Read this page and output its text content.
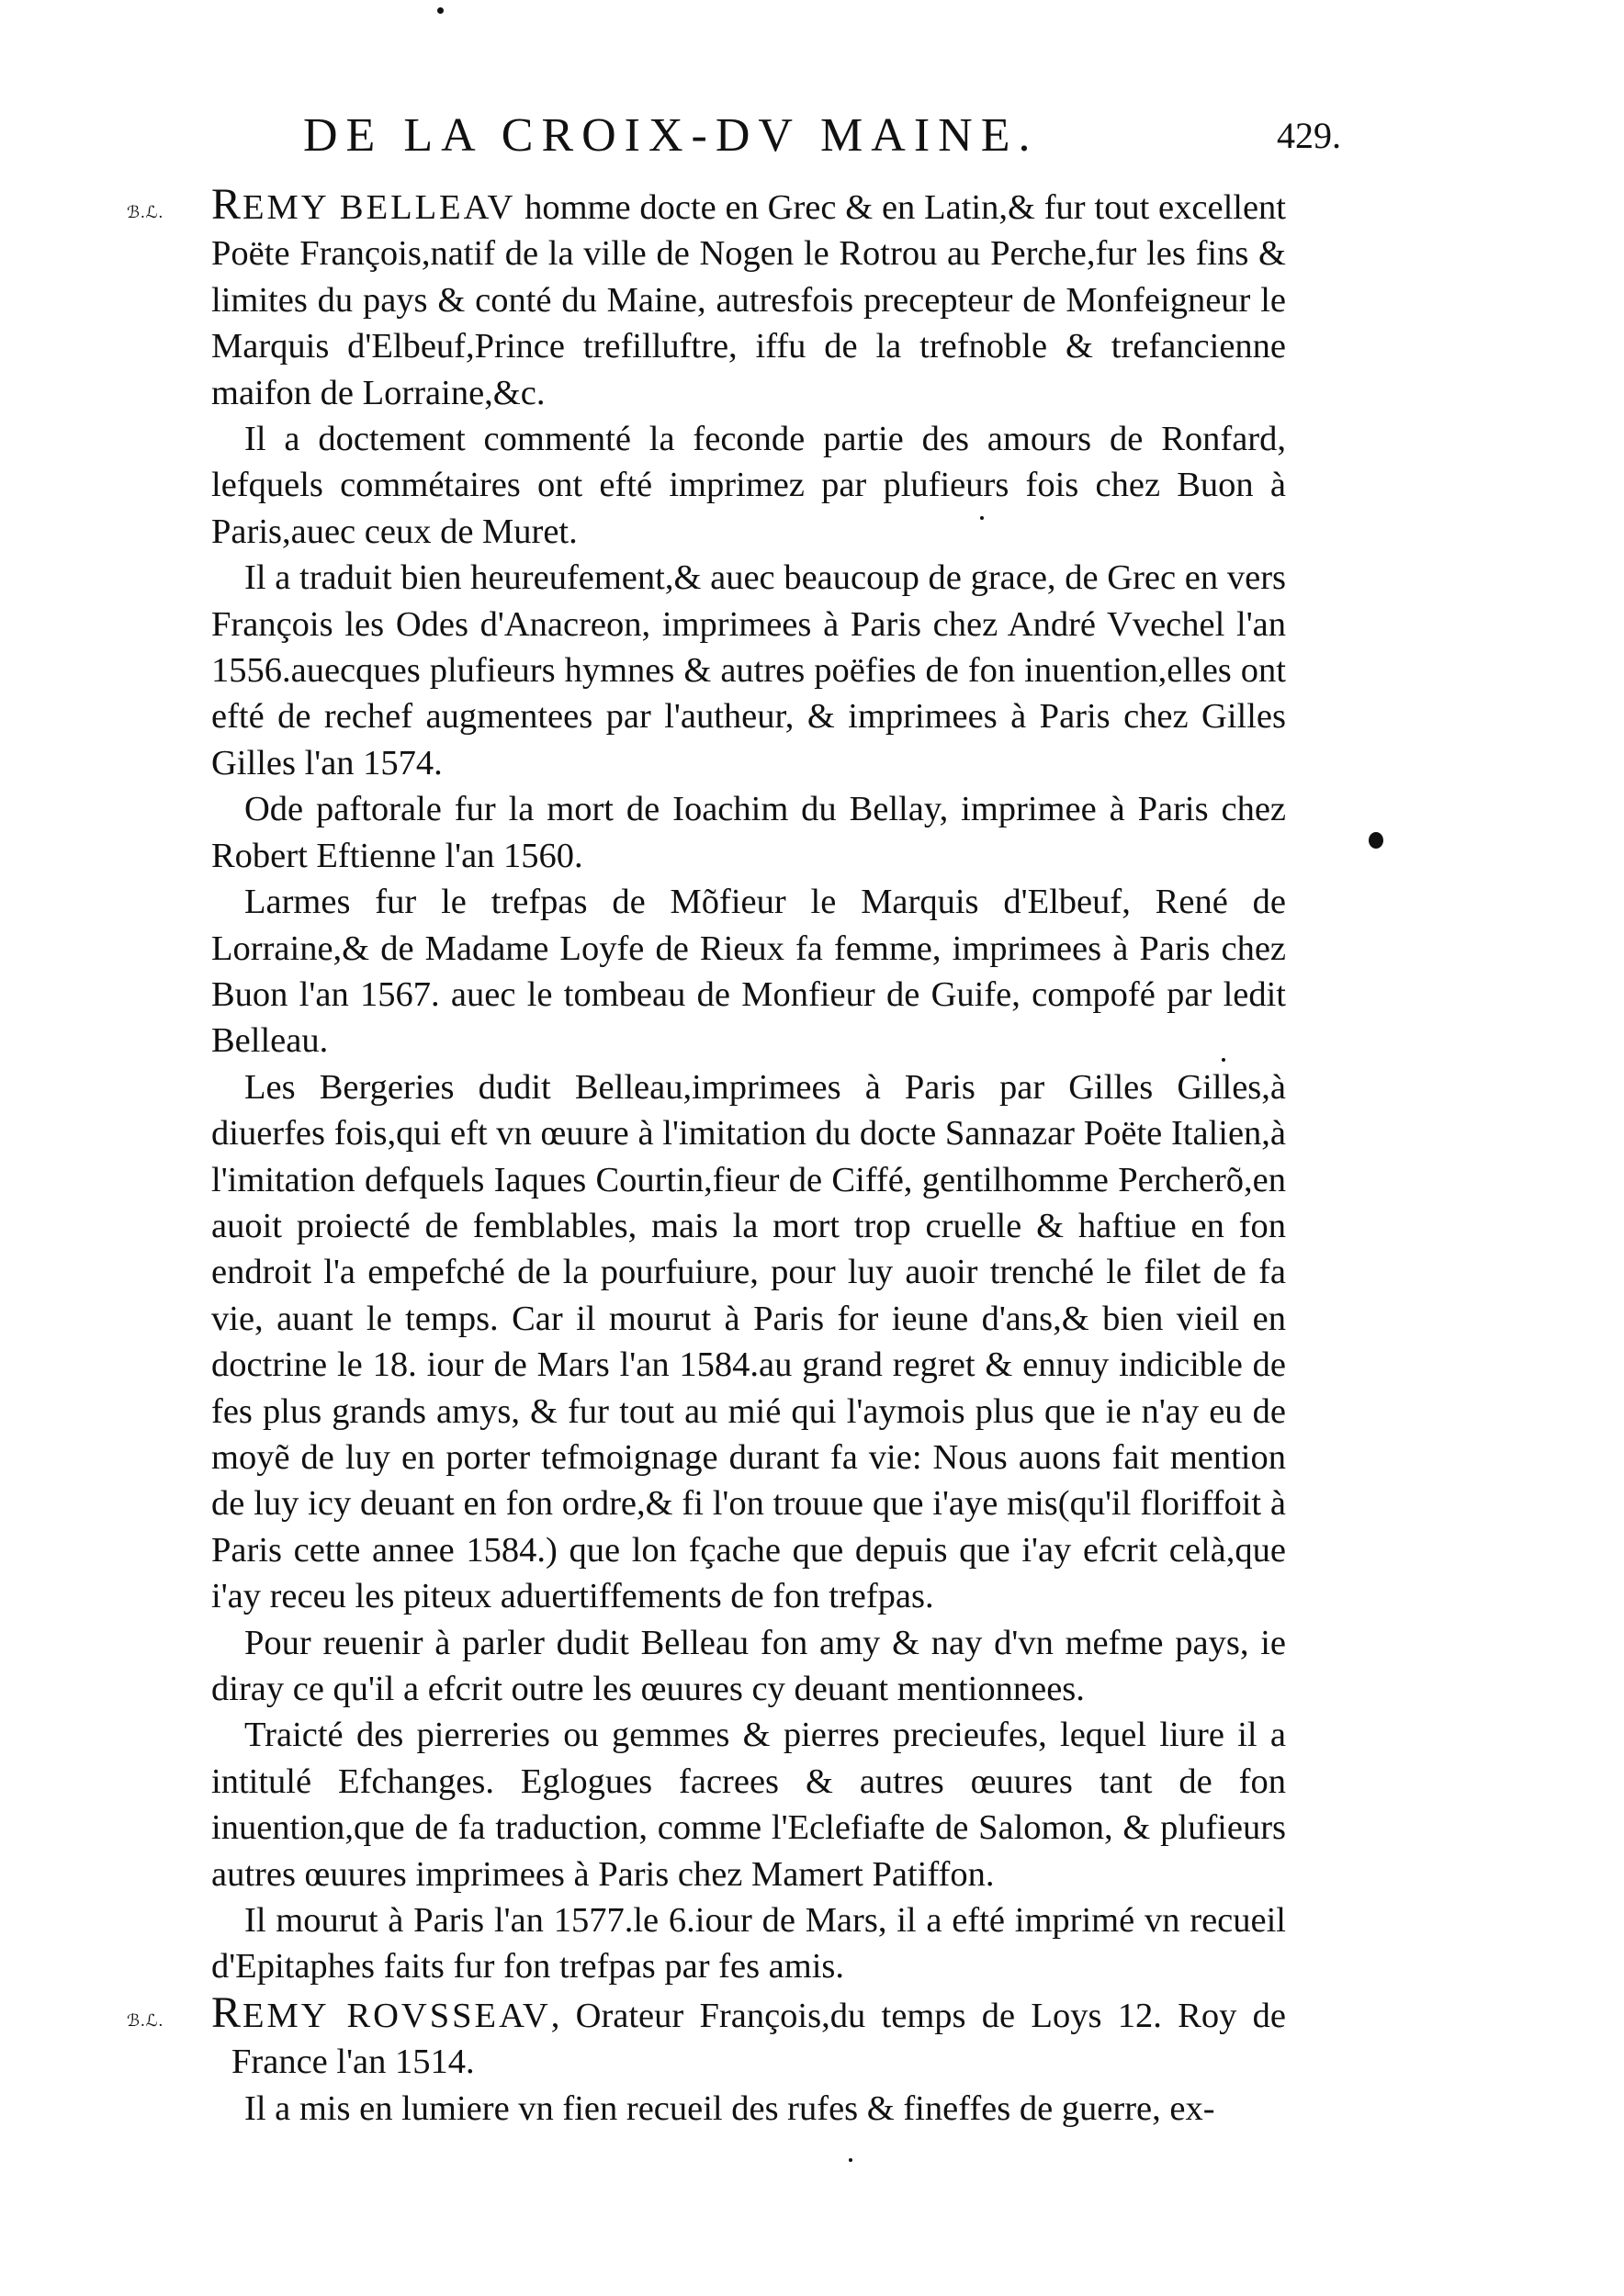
DE LA CROIX-DV MAINE.	429.
ℬ.ℒ. REMY BELLEAV homme docte en Grec & en Latin,& fur tout excellent Poëte François,natif de la ville de Nogen le Rotrou au Perche,fur les fins & limites du pays & conté du Maine, autresfois precepteur de Monfeigneur le Marquis d'Elbeuf,Prince trefilluftre, iffu de la trefnoble & trefancienne maifon de Lorraine,&c.

Il a doctement commenté la feconde partie des amours de Ronfard, lefquels commétaires ont efté imprimez par plufieurs fois chez Buon à Paris,auec ceux de Muret.

Il a traduit bien heureufement,& auec beaucoup de grace, de Grec en vers François les Odes d'Anacreon, imprimees à Paris chez André Vvechel l'an 1556.auecques plufieurs hymnes & autres poëfies de fon inuention,elles ont efté de rechef augmentees par l'autheur, & imprimees à Paris chez Gilles Gilles l'an 1574.

Ode paftorale fur la mort de Ioachim du Bellay, imprimee à Paris chez Robert Eftienne l'an 1560.

Larmes fur le trefpas de Mõfieur le Marquis d'Elbeuf, René de Lorraine,& de Madame Loyfe de Rieux fa femme, imprimees à Paris chez Buon l'an 1567. auec le tombeau de Monfieur de Guife, compofé par ledit Belleau.

Les Bergeries dudit Belleau,imprimees à Paris par Gilles Gilles,à diuerfes fois,qui eft vn œuure à l'imitation du docte Sannazar Poëte Italien,à l'imitation defquels Iaques Courtin,fieur de Ciffé, gentilhomme Percherõ,en auoit proiecté de femblables, mais la mort trop cruelle & haftiue en fon endroit l'a empefché de la pourfuiure, pour luy auoir trenché le filet de fa vie, auant le temps. Car il mourut à Paris for ieune d'ans,& bien vieil en doctrine le 18. iour de Mars l'an 1584.au grand regret & ennuy indicible de fes plus grands amys, & fur tout au mié qui l'aymois plus que ie n'ay eu de moyẽ de luy en porter tefmoignage durant fa vie: Nous auons fait mention de luy icy deuant en fon ordre,& fi l'on trouue que i'aye mis(qu'il floriffoit à Paris cette annee 1584.) que lon fçache que depuis que i'ay efcrit celà,que i'ay receu les piteux aduertiffements de fon trefpas.

Pour reuenir à parler dudit Belleau fon amy & nay d'vn mefme pays, ie diray ce qu'il a efcrit outre les œuures cy deuant mentionnees.

Traicté des pierreries ou gemmes & pierres precieufes, lequel liure il a intitulé Efchanges. Eglogues facrees & autres œuures tant de fon inuention,que de fa traduction, comme l'Eclefiafte de Salomon, & plufieurs autres œuures imprimees à Paris chez Mamert Patiffon.

Il mourut à Paris l'an 1577.le 6.iour de Mars, il a efté imprimé vn recueil d'Epitaphes faits fur fon trefpas par fes amis.

ℬ.ℒ. REMY ROVSSEAV, Orateur François,du temps de Loys 12. Roy de France l'an 1514.

Il a mis en lumiere vn fien recueil des rufes & fineffes de guerre, ex-
